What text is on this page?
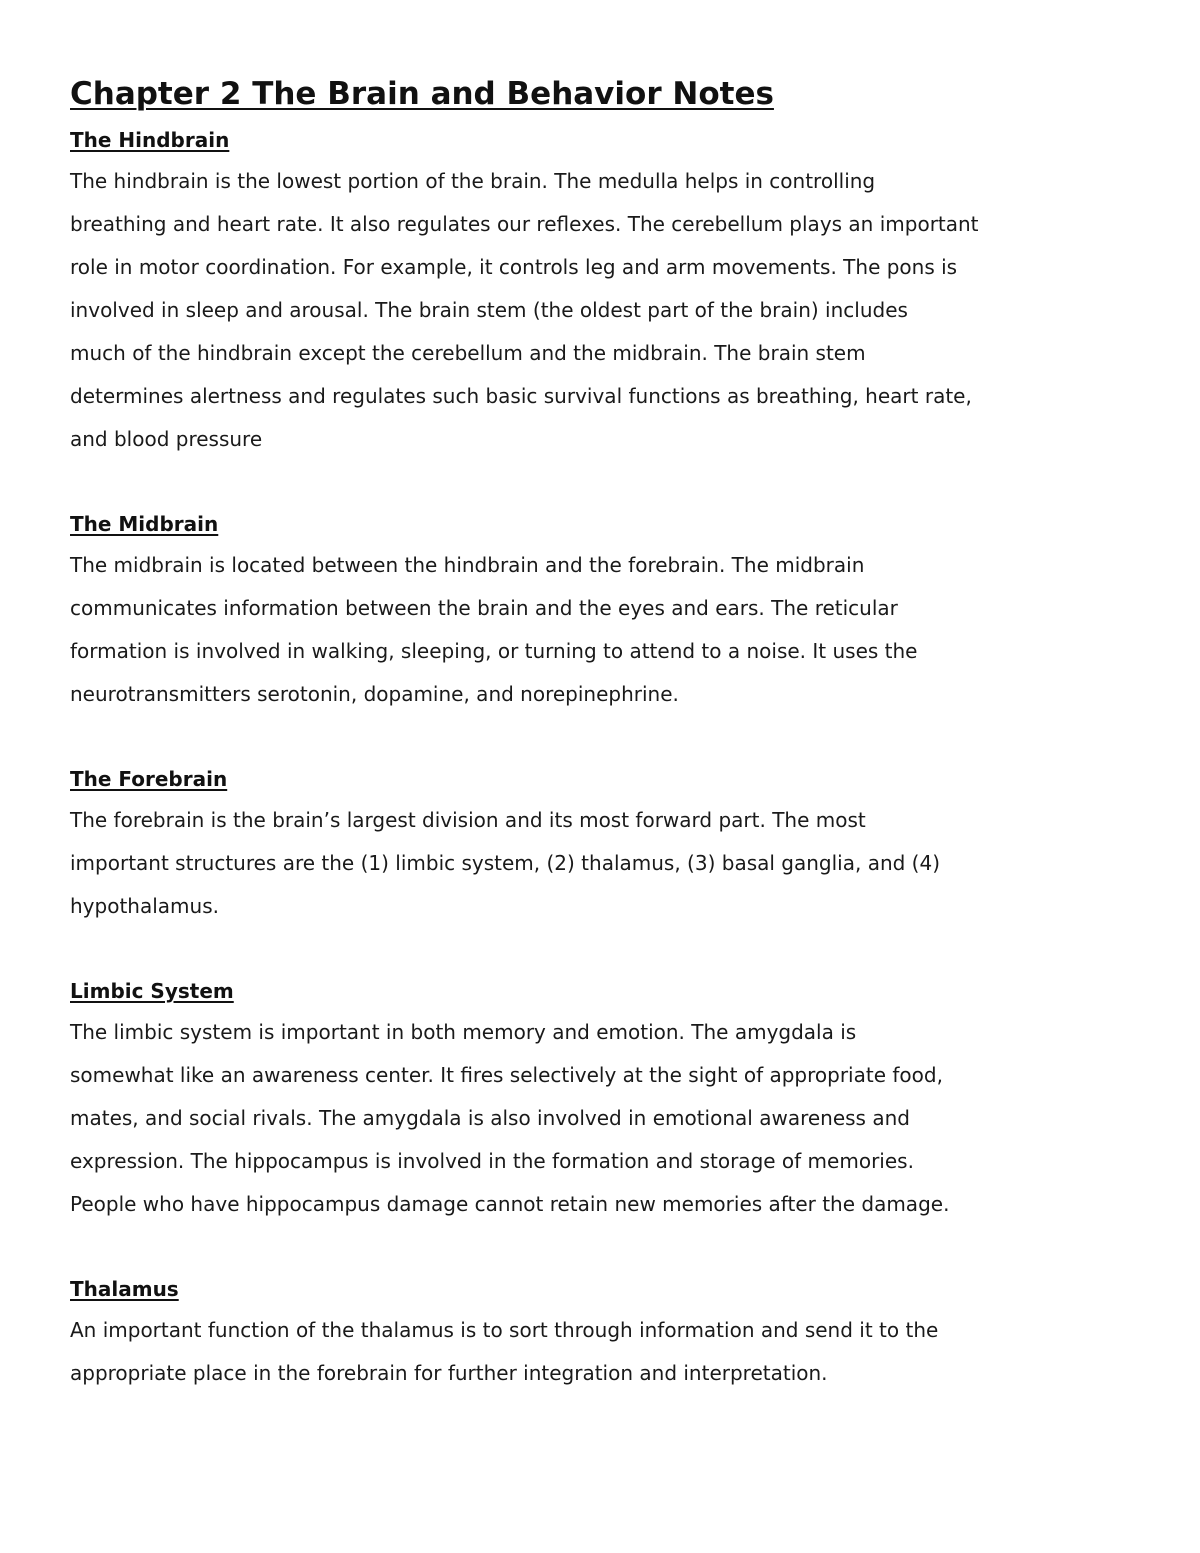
Chapter 2 The Brain and Behavior Notes
The Hindbrain

The hindbrain is the lowest portion of the brain. The medulla helps in controlling

breathing and heart rate. It also regulates our reflexes. The cerebellum plays an important

role in motor coordination. For example, it controls leg and arm movements. The pons is

involved in sleep and arousal. The brain stem (the oldest part of the brain) includes

much of the hindbrain except the cerebellum and the midbrain. The brain stem

determines alertness and regulates such basic survival functions as breathing, heart rate,

and blood pressure

The Midbrain

The midbrain is located between the hindbrain and the forebrain. The midbrain

communicates information between the brain and the eyes and ears. The reticular

formation is involved in walking, sleeping, or turning to attend to a noise. It uses the

neurotransmitters serotonin, dopamine, and norepinephrine.

The Forebrain

The forebrain is the brain’s largest division and its most forward part. The most

important structures are the (1) limbic system, (2) thalamus, (3) basal ganglia, and (4)

hypothalamus.

Limbic System

The limbic system is important in both memory and emotion. The amygdala is

somewhat like an awareness center. It fires selectively at the sight of appropriate food,

mates, and social rivals. The amygdala is also involved in emotional awareness and

expression. The hippocampus is involved in the formation and storage of memories.

People who have hippocampus damage cannot retain new memories after the damage.

Thalamus

An important function of the thalamus is to sort through information and send it to the

appropriate place in the forebrain for further integration and interpretation.
